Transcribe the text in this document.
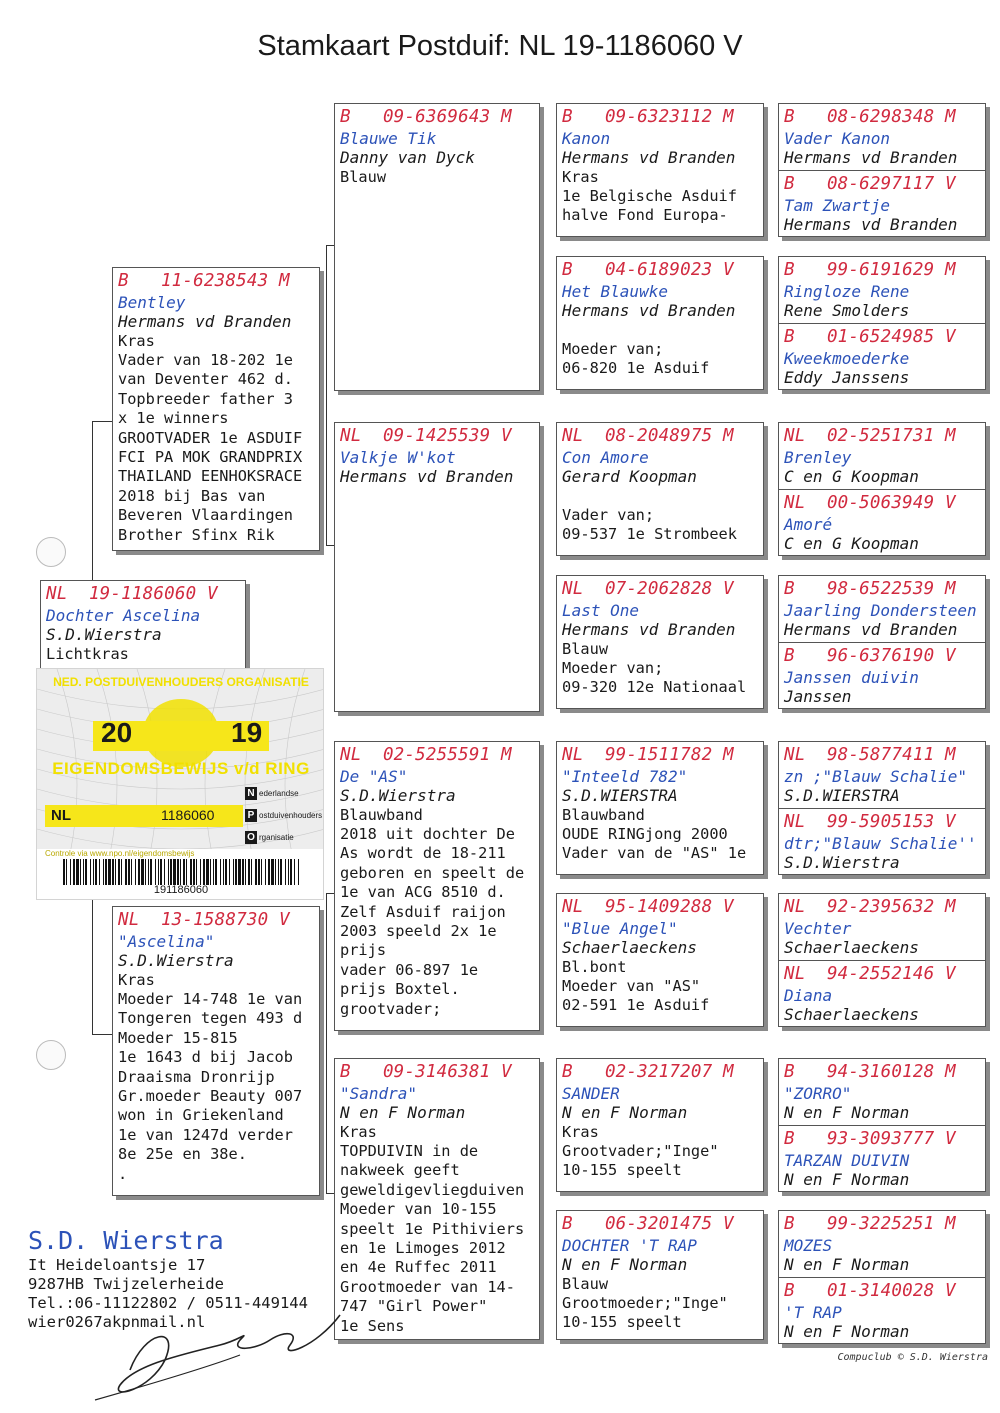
Stamkaart Postduif: NL 19-1186060 V
NL  19-1186060 V
Dochter Ascelina
S.D.Wierstra
Lichtkras
B   11-6238543 M
Bentley
Hermans vd Branden
Kras
Vader van 18-202 1e
van Deventer 462 d.
Topbreeder father 3
x 1e winners
GROOTVADER 1e ASDUIF
FCI PA MOK GRANDPRIX
THAILAND EENHOKSRACE
2018 bij Bas van
Beveren Vlaardingen
Brother Sfinx Rik
NL  13-1588730 V
"Ascelina"
S.D.Wierstra
Kras
Moeder 14-748 1e van
Tongeren tegen 493 d
Moeder 15-815
1e 1643 d bij Jacob
Draaisma Dronrijp
Gr.moeder Beauty 007
won in Griekenland
1e van 1247d verder
8e 25e en 38e.
.
NED. POSTDUIVENHOUDERS ORGANISATIE
20	19
EIGENDOMSBEWIJS v/d RING
NL	1186060
N ederlandse
P ostduivenhouders
O rganisatie
Controle via www.npo.nl/eigendomsbewijs
191186060
B   09-6369643 M
Blauwe Tik
Danny van Dyck
Blauw
NL  09-1425539 V
Valkje W'kot
Hermans vd Branden
NL  02-5255591 M
De "AS"
S.D.Wierstra
Blauwband
2018 uit dochter De
As wordt de 18-211
geboren en speelt de
1e van ACG 8510 d.
Zelf Asduif raijon
2003 speeld 2x 1e
prijs
vader 06-897 1e
prijs Boxtel.
grootvader;
B   09-3146381 V
"Sandra"
N en F Norman
Kras
TOPDUIVIN in de
nakweek geeft
geweldigevliegduiven
Moeder van 10-155
speelt 1e Pithiviers
en 1e Limoges 2012
en 4e Ruffec 2011
Grootmoeder van 14-
747 "Girl Power"
1e Sens
B   09-6323112 M
Kanon
Hermans vd Branden
Kras
1e Belgische Asduif
halve Fond Europa-
B   04-6189023 V
Het Blauwke
Hermans vd Branden

Moeder van;
06-820 1e Asduif
NL  08-2048975 M
Con Amore
Gerard Koopman

Vader van;
09-537 1e Strombeek
NL  07-2062828 V
Last One
Hermans vd Branden
Blauw
Moeder van;
09-320 12e Nationaal
NL  99-1511782 M
"Inteeld 782"
S.D.WIERSTRA
Blauwband
OUDE RINGjong 2000
Vader van de "AS" 1e
NL  95-1409288 V
"Blue Angel"
Schaerlaeckens
Bl.bont
Moeder van "AS"
02-591 1e Asduif
B   02-3217207 M
SANDER
N en F Norman
Kras
Grootvader;"Inge"
10-155 speelt
B   06-3201475 V
DOCHTER 'T RAP
N en F Norman
Blauw
Grootmoeder;"Inge"
10-155 speelt
B   08-6298348 M
Vader Kanon
Hermans vd Branden
B   08-6297117 V
Tam Zwartje
Hermans vd Branden
B   99-6191629 M
Ringloze Rene
Rene Smolders
B   01-6524985 V
Kweekmoederke
Eddy Janssens
NL  02-5251731 M
Brenley
C en G Koopman
NL  00-5063949 V
Amoré
C en G Koopman
B   98-6522539 M
Jaarling Dondersteen
Hermans vd Branden
B   96-6376190 V
Janssen duivin
Janssen
NL  98-5877411 M
zn ;"Blauw Schalie"
S.D.WIERSTRA
NL  99-5905153 V
dtr;"Blauw Schalie''
S.D.Wierstra
NL  92-2395632 M
Vechter
Schaerlaeckens
NL  94-2552146 V
Diana
Schaerlaeckens
B   94-3160128 M
"ZORRO"
N en F Norman
B   93-3093777 V
TARZAN DUIVIN
N en F Norman
B   99-3225251 M
MOZES
N en F Norman
B   01-3140028 V
'T RAP
N en F Norman
S.D. Wierstra
It Heideloantsje 17
9287HB Twijzelerheide
Tel.:06-11122802 / 0511-449144
wier0267akpnmail.nl
Compuclub © S.D. Wierstra
